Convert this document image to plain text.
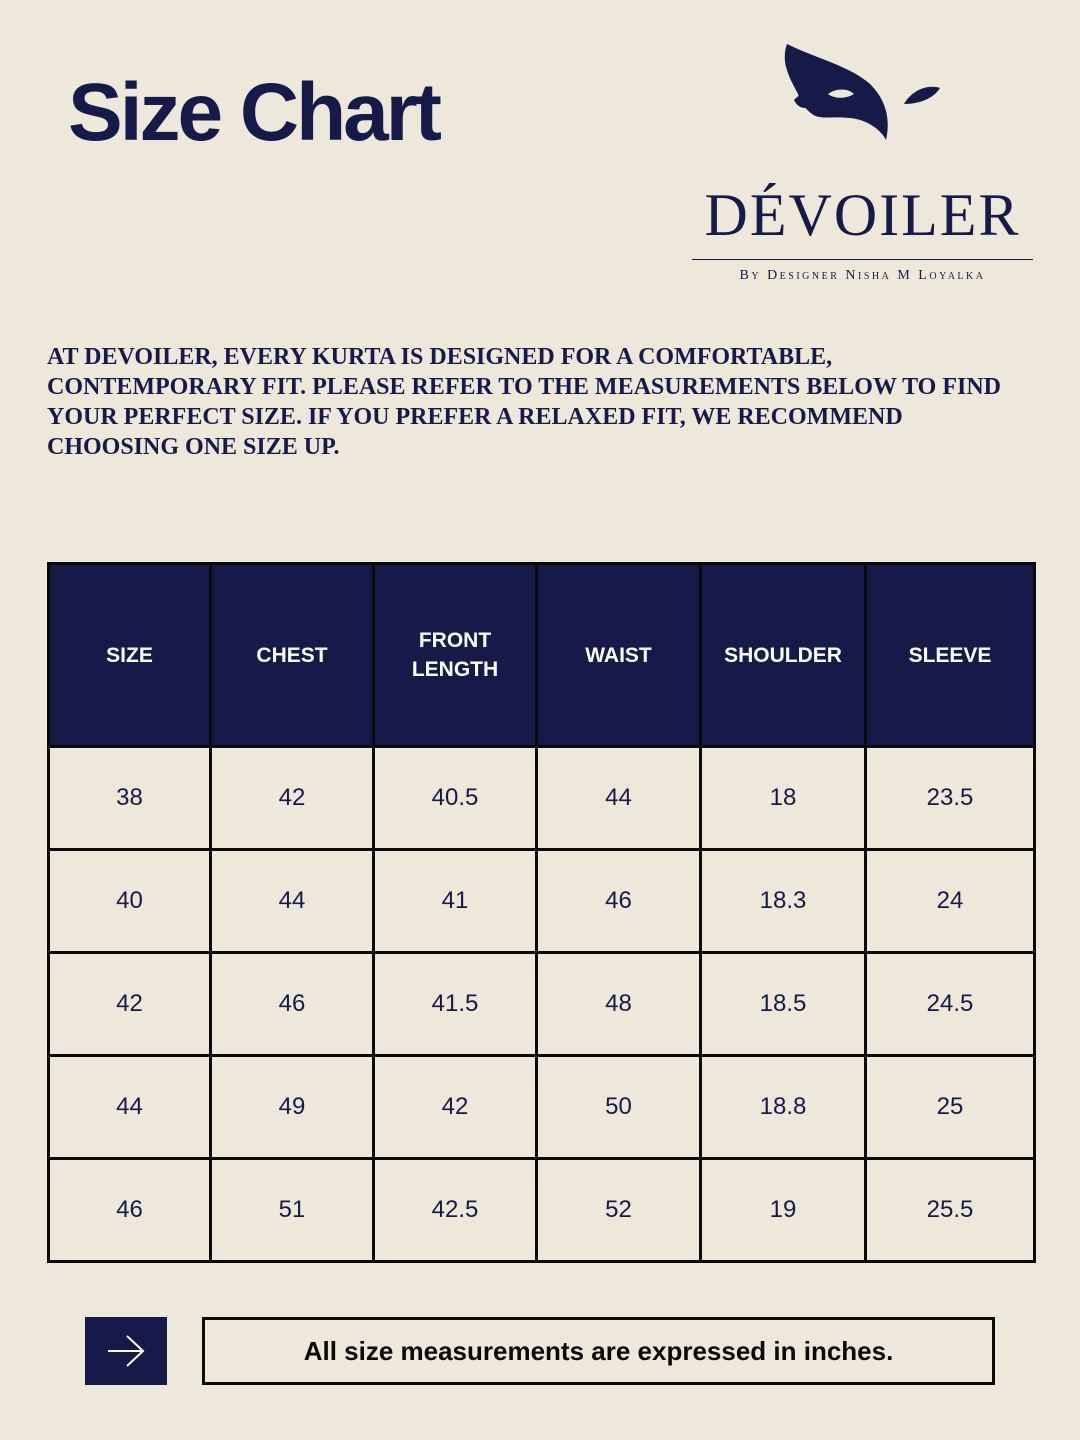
Size Chart
DÉVOILER
By Designer Nisha M Loyalka

AT DEVOILER, EVERY KURTA IS DESIGNED FOR A COMFORTABLE, CONTEMPORARY FIT. PLEASE REFER TO THE MEASUREMENTS BELOW TO FIND YOUR PERFECT SIZE. IF YOU PREFER A RELAXED FIT, WE RECOMMEND CHOOSING ONE SIZE UP.

SIZE	CHEST	FRONT LENGTH	WAIST	SHOULDER	SLEEVE
38	42	40.5	44	18	23.5
40	44	41	46	18.3	24
42	46	41.5	48	18.5	24.5
44	49	42	50	18.8	25
46	51	42.5	52	19	25.5
All size measurements are expressed in inches.
